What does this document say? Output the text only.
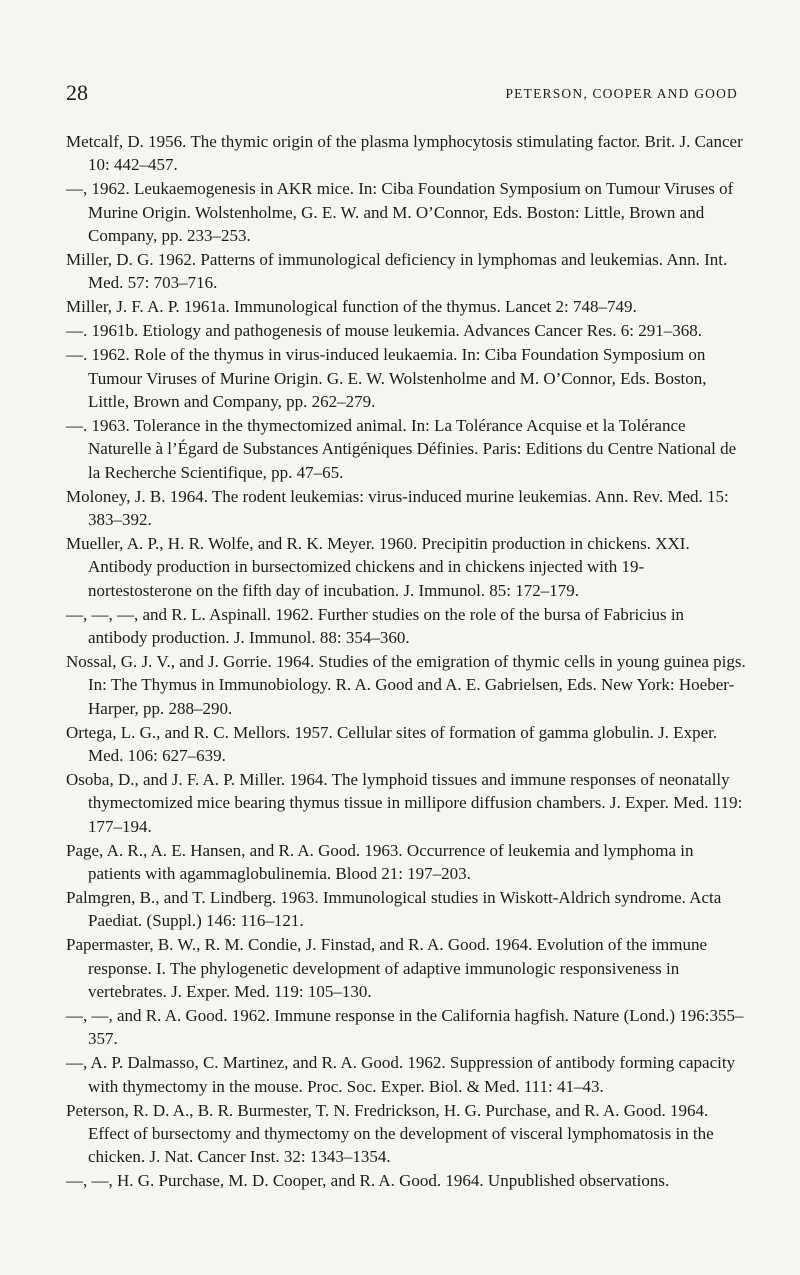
28	PETERSON, COOPER AND GOOD
Metcalf, D. 1956. The thymic origin of the plasma lymphocytosis stimulating factor. Brit. J. Cancer 10: 442–457.
—, 1962. Leukaemogenesis in AKR mice. In: Ciba Foundation Symposium on Tumour Viruses of Murine Origin. Wolstenholme, G. E. W. and M. O’Connor, Eds. Boston: Little, Brown and Company, pp. 233–253.
Miller, D. G. 1962. Patterns of immunological deficiency in lymphomas and leukemias. Ann. Int. Med. 57: 703–716.
Miller, J. F. A. P. 1961a. Immunological function of the thymus. Lancet 2: 748–749.
—. 1961b. Etiology and pathogenesis of mouse leukemia. Advances Cancer Res. 6: 291–368.
—. 1962. Role of the thymus in virus-induced leukaemia. In: Ciba Foundation Symposium on Tumour Viruses of Murine Origin. G. E. W. Wolstenholme and M. O’Connor, Eds. Boston, Little, Brown and Company, pp. 262–279.
—. 1963. Tolerance in the thymectomized animal. In: La Tolérance Acquise et la Tolérance Naturelle à l’Égard de Substances Antigéniques Définies. Paris: Editions du Centre National de la Recherche Scientifique, pp. 47–65.
Moloney, J. B. 1964. The rodent leukemias: virus-induced murine leukemias. Ann. Rev. Med. 15: 383–392.
Mueller, A. P., H. R. Wolfe, and R. K. Meyer. 1960. Precipitin production in chickens. XXI. Antibody production in bursectomized chickens and in chickens injected with 19-nortestosterone on the fifth day of incubation. J. Immunol. 85: 172–179.
—, —, —, and R. L. Aspinall. 1962. Further studies on the role of the bursa of Fabricius in antibody production. J. Immunol. 88: 354–360.
Nossal, G. J. V., and J. Gorrie. 1964. Studies of the emigration of thymic cells in young guinea pigs. In: The Thymus in Immunobiology. R. A. Good and A. E. Gabrielsen, Eds. New York: Hoeber-Harper, pp. 288–290.
Ortega, L. G., and R. C. Mellors. 1957. Cellular sites of formation of gamma globulin. J. Exper. Med. 106: 627–639.
Osoba, D., and J. F. A. P. Miller. 1964. The lymphoid tissues and immune responses of neonatally thymectomized mice bearing thymus tissue in millipore diffusion chambers. J. Exper. Med. 119: 177–194.
Page, A. R., A. E. Hansen, and R. A. Good. 1963. Occurrence of leukemia and lymphoma in patients with agammaglobulinemia. Blood 21: 197–203.
Palmgren, B., and T. Lindberg. 1963. Immunological studies in Wiskott-Aldrich syndrome. Acta Paediat. (Suppl.) 146: 116–121.
Papermaster, B. W., R. M. Condie, J. Finstad, and R. A. Good. 1964. Evolution of the immune response. I. The phylogenetic development of adaptive immunologic responsiveness in vertebrates. J. Exper. Med. 119: 105–130.
—, —, and R. A. Good. 1962. Immune response in the California hagfish. Nature (Lond.) 196:355–357.
—, A. P. Dalmasso, C. Martinez, and R. A. Good. 1962. Suppression of antibody forming capacity with thymectomy in the mouse. Proc. Soc. Exper. Biol. & Med. 111: 41–43.
Peterson, R. D. A., B. R. Burmester, T. N. Fredrickson, H. G. Purchase, and R. A. Good. 1964. Effect of bursectomy and thymectomy on the development of visceral lymphomatosis in the chicken. J. Nat. Cancer Inst. 32: 1343–1354.
—, —, H. G. Purchase, M. D. Cooper, and R. A. Good. 1964. Unpublished observations.
